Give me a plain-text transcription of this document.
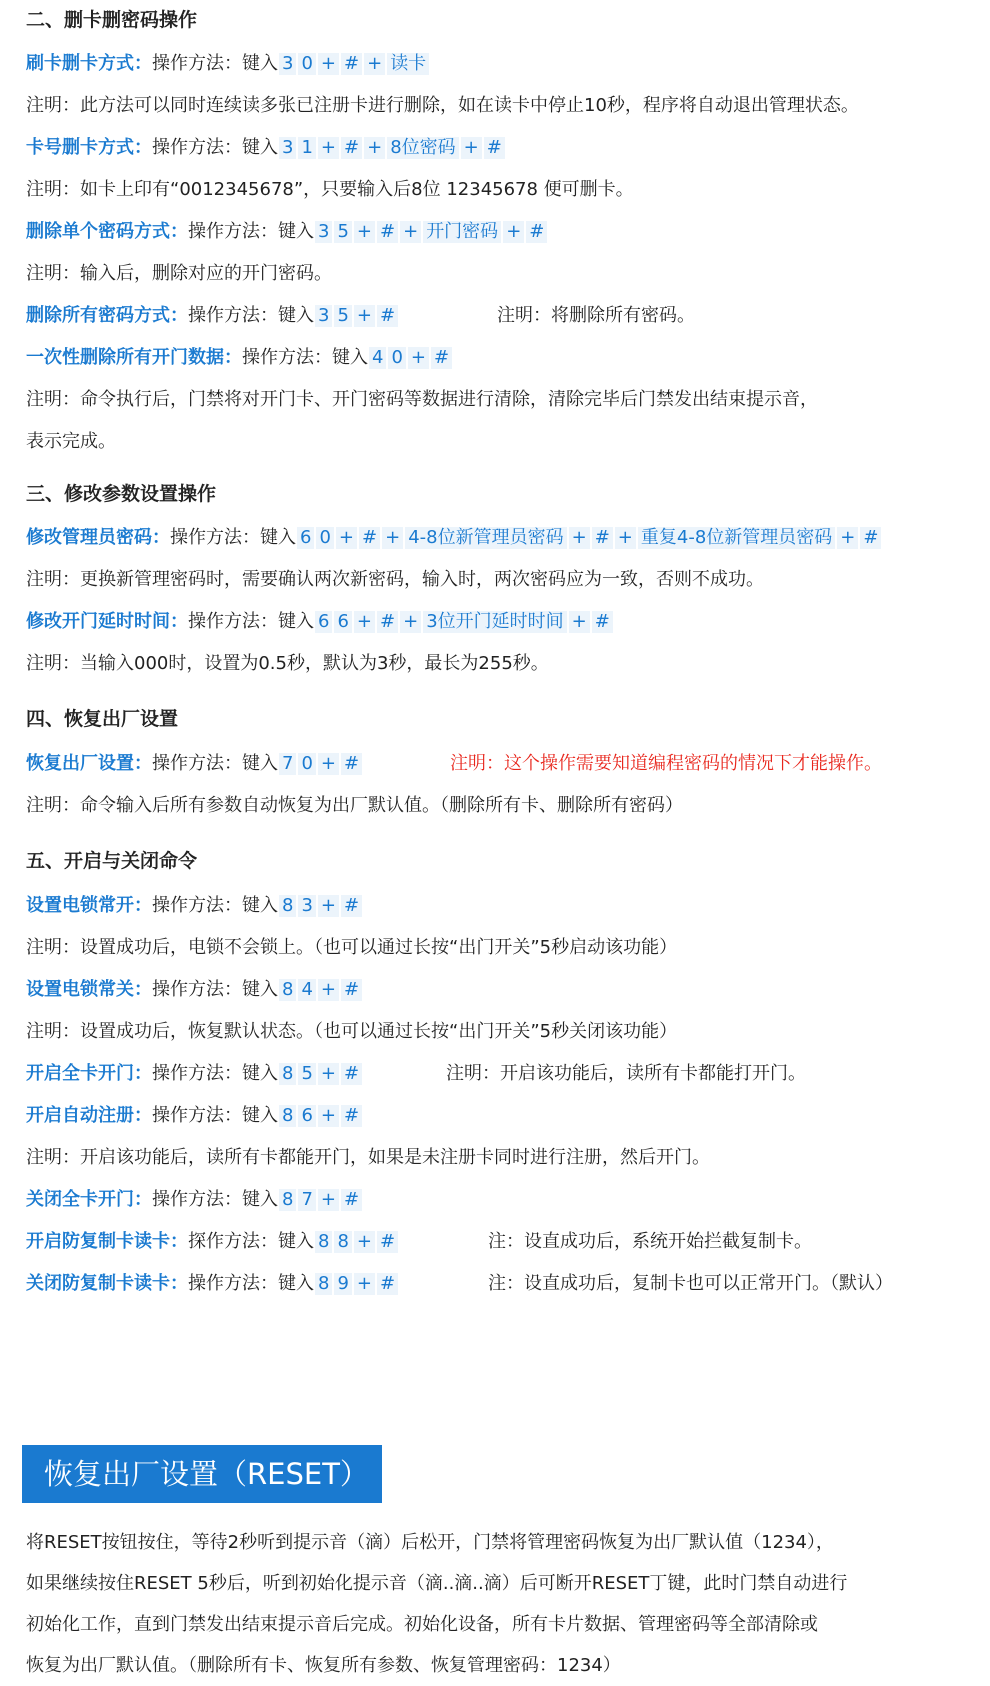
二、删卡删密码操作
刷卡删卡方式：操作方法：键入 3 0 + # + 读卡
注明：此方法可以同时连续读多张已注册卡进行删除，如在读卡中停止10秒，程序将自动退出管理状态。
卡号删卡方式：操作方法：键入 3 1 + # + 8位密码 + #
注明：如卡上印有“0012345678”，只要输入后8位 12345678 便可删卡。
删除单个密码方式：操作方法：键入 3 5 + # + 开门密码 + #
注明：输入后，删除对应的开门密码。
删除所有密码方式：操作方法：键入 3 5 + #	注明：将删除所有密码。
一次性删除所有开门数据：操作方法：键入 4 0 + #
注明：命令执行后，门禁将对开门卡、开门密码等数据进行清除，清除完毕后门禁发出结束提示音，
表示完成。
三、修改参数设置操作
修改管理员密码：操作方法：键入 6 0 + # + 4-8位新管理员密码 + # + 重复4-8位新管理员密码 + #
注明：更换新管理密码时，需要确认两次新密码，输入时，两次密码应为一致，否则不成功。
修改开门延时时间：操作方法：键入 6 6 + # + 3位开门延时时间 + #
注明：当输入000时，设置为0.5秒，默认为3秒，最长为255秒。
四、恢复出厂设置
恢复出厂设置：操作方法：键入 7 0 + #	注明：这个操作需要知道编程密码的情况下才能操作。
注明：命令输入后所有参数自动恢复为出厂默认值。（删除所有卡、删除所有密码）
五、开启与关闭命令
设置电锁常开：操作方法：键入 8 3 + #
注明：设置成功后，电锁不会锁上。（也可以通过长按“出门开关”5秒启动该功能）
设置电锁常关：操作方法：键入 8 4 + #
注明：设置成功后，恢复默认状态。（也可以通过长按“出门开关”5秒关闭该功能）
开启全卡开门：操作方法：键入 8 5 + #	注明：开启该功能后，读所有卡都能打开门。
开启自动注册：操作方法：键入 8 6 + #
注明：开启该功能后，读所有卡都能开门，如果是未注册卡同时进行注册，然后开门。
关闭全卡开门：操作方法：键入 8 7 + #
开启防复制卡读卡：探作方法：键入 8 8 + #	注：设直成功后，系统开始拦截复制卡。
关闭防复制卡读卡：操作方法：键入 8 9 + #	注：设直成功后，复制卡也可以正常开门。（默认）
恢复出厂设置（RESET）
将RESET按钮按住，等待2秒听到提示音（滴）后松开，门禁将管理密码恢复为出厂默认值（1234），
如果继续按住RESET 5秒后，听到初始化提示音（滴..滴..滴）后可断开RESET丁键，此时门禁自动进行
初始化工作，直到门禁发出结束提示音后完成。初始化设备，所有卡片数据、管理密码等全部清除或
恢复为出厂默认值。（删除所有卡、恢复所有参数、恢复管理密码：1234）
